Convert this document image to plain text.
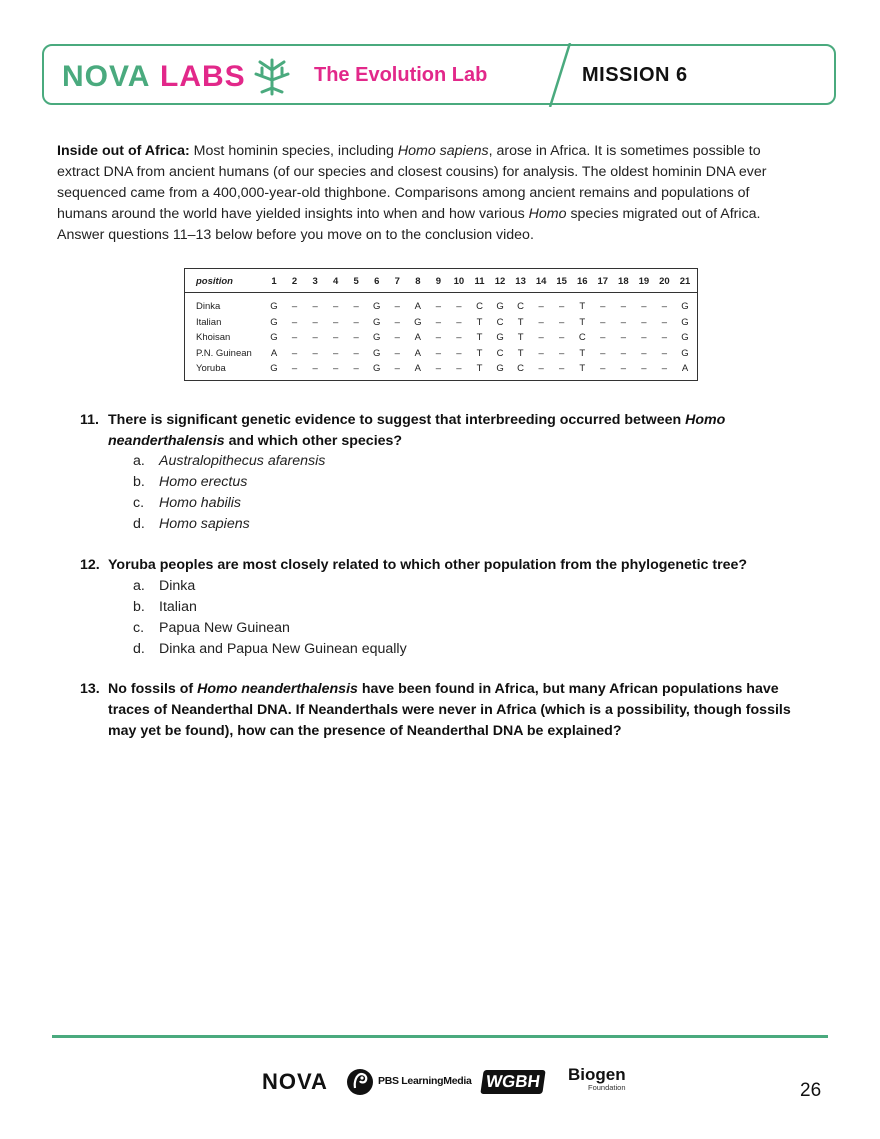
NOVA LABS	The Evolution Lab	MISSION 6

Inside out of Africa: Most hominin species, including Homo sapiens, arose in Africa. It is sometimes possible to extract DNA from ancient humans (of our species and closest cousins) for analysis. The oldest hominin DNA ever sequenced came from a 400,000-year-old thighbone. Comparisons among ancient remains and populations of humans around the world have yielded insights into when and how various Homo species migrated out of Africa. Answer questions 11–13 below before you move on to the conclusion video.

position	1	2	3	4	5	6	7	8	9	10	11	12 13 14 15 16 17 18 19 20 21
Dinka	G	–	–	–	–	G	–	A	–	–	C	G	C	–	–	T	–	–	–	–	G
Italian	G	–	–	–	–	G	–	G	–	–	T	C	T	–	–	T	–	–	–	–	G
Khoisan	G	–	–	–	–	G	–	A	–	–	T	G	T	–	–	C	–	–	–	–	G
P.N. Guinean	A	–	–	–	–	G	–	A	–	–	T	C	T	–	–	T	–	–	–	–	G
Yoruba	G	–	–	–	–	G	–	A	–	–	T	G	C	–	–	T	–	–	–	–	A
11. There is significant genetic evidence to suggest that interbreeding occurred between Homo neanderthalensis and which other species?
a. Australopithecus afarensis
b. Homo erectus
c. Homo habilis
d. Homo sapiens
12. Yoruba peoples are most closely related to which other population from the phylogenetic tree?
a. Dinka
b. Italian
c. Papua New Guinean
d. Dinka and Papua New Guinean equally
13. No fossils of Homo neanderthalensis have been found in Africa, but many African populations have traces of Neanderthal DNA. If Neanderthals were never in Africa (which is a possibility, though fossils may yet be found), how can the presence of Neanderthal DNA be explained?
NOVA	PBS LearningMedia WGBH Biogen
Foundation	26
